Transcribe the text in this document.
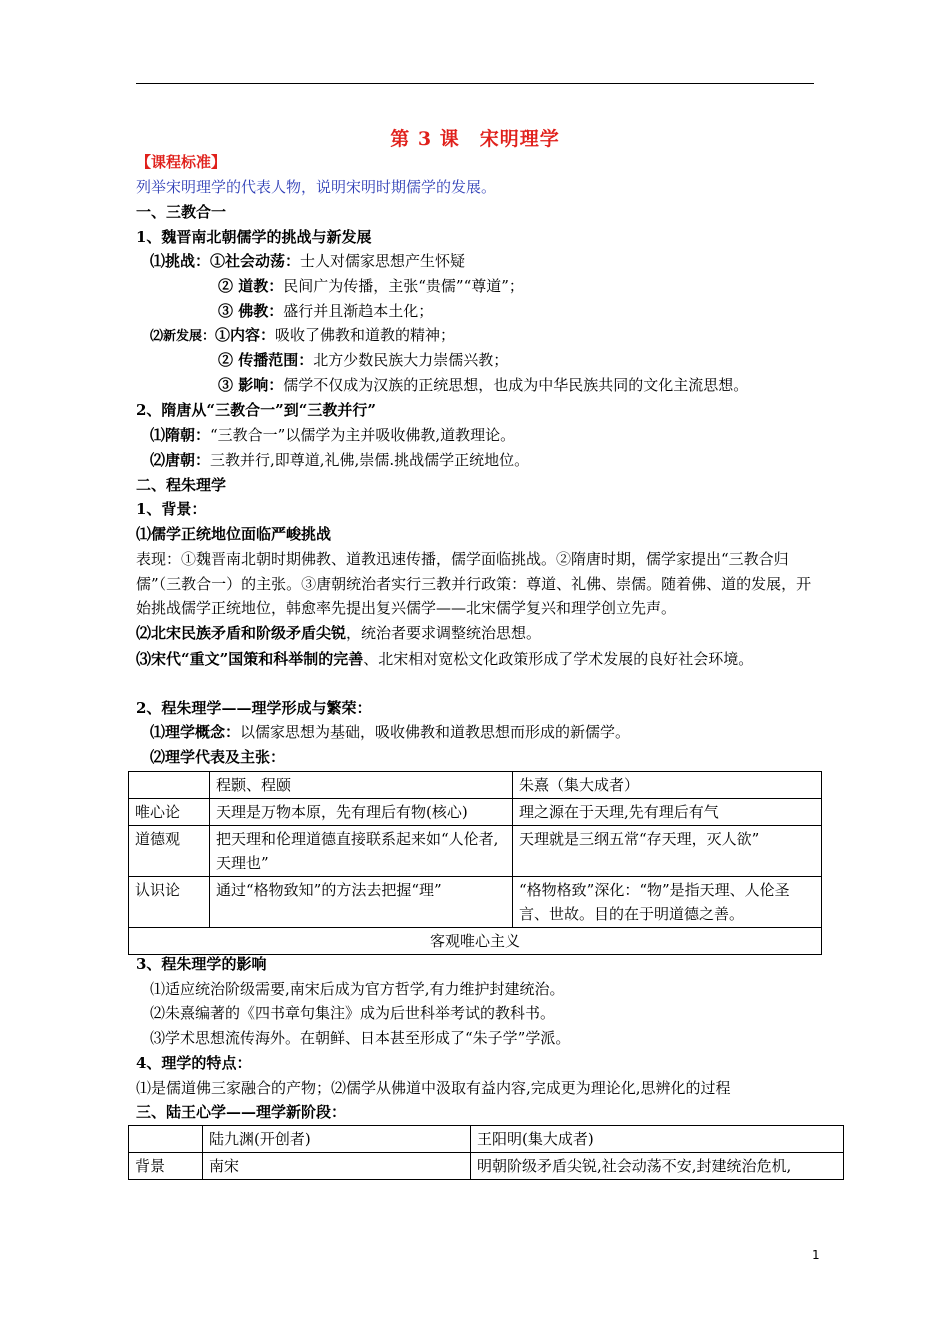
第 3 课　宋明理学
【课程标准】
列举宋明理学的代表人物，说明宋明时期儒学的发展。
一、三教合一
1、魏晋南北朝儒学的挑战与新发展
⑴挑战：①社会动荡：士人对儒家思想产生怀疑
② 道教：民间广为传播，主张“贵儒”“尊道”；
③ 佛教：盛行并且渐趋本土化；
⑵新发展：①内容：吸收了佛教和道教的精神；
② 传播范围：北方少数民族大力崇儒兴教；
③ 影响：儒学不仅成为汉族的正统思想，也成为中华民族共同的文化主流思想。
2、隋唐从“三教合一”到“三教并行”
⑴隋朝：“三教合一”以儒学为主并吸收佛教,道教理论。
⑵唐朝：三教并行,即尊道,礼佛,崇儒.挑战儒学正统地位。
二、程朱理学
1、背景：
⑴儒学正统地位面临严峻挑战
表现：①魏晋南北朝时期佛教、道教迅速传播，儒学面临挑战。②隋唐时期，儒学家提出“三教合归儒”（三教合一）的主张。③唐朝统治者实行三教并行政策：尊道、礼佛、崇儒。随着佛、道的发展，开始挑战儒学正统地位，韩愈率先提出复兴儒学——北宋儒学复兴和理学创立先声。
⑵北宋民族矛盾和阶级矛盾尖锐，统治者要求调整统治思想。
⑶宋代“重文”国策和科举制的完善、北宋相对宽松文化政策形成了学术发展的良好社会环境。
2、程朱理学——理学形成与繁荣：
⑴理学概念：以儒家思想为基础，吸收佛教和道教思想而形成的新儒学。
⑵理学代表及主张：
	程颢、程颐	朱熹（集大成者）
唯心论	天理是万物本原，先有理后有物(核心)	理之源在于天理,先有理后有气
道德观	把天理和伦理道德直接联系起来如“人伦者,天理也”	天理就是三纲五常“存天理，灭人欲”
认识论	通过“格物致知”的方法去把握“理”	“格物格致”深化：“物”是指天理、人伦圣言、世故。目的在于明道德之善。
客观唯心主义		
3、程朱理学的影响
⑴适应统治阶级需要,南宋后成为官方哲学,有力维护封建统治。
⑵朱熹编著的《四书章句集注》成为后世科举考试的教科书。
⑶学术思想流传海外。在朝鲜、日本甚至形成了“朱子学”学派。
4、理学的特点：
⑴是儒道佛三家融合的产物；⑵儒学从佛道中汲取有益内容,完成更为理论化,思辨化的过程
三、陆王心学——理学新阶段：
	陆九渊(开创者)	王阳明(集大成者)
背景	南宋	明朝阶级矛盾尖锐,社会动荡不安,封建统治危机,
1
